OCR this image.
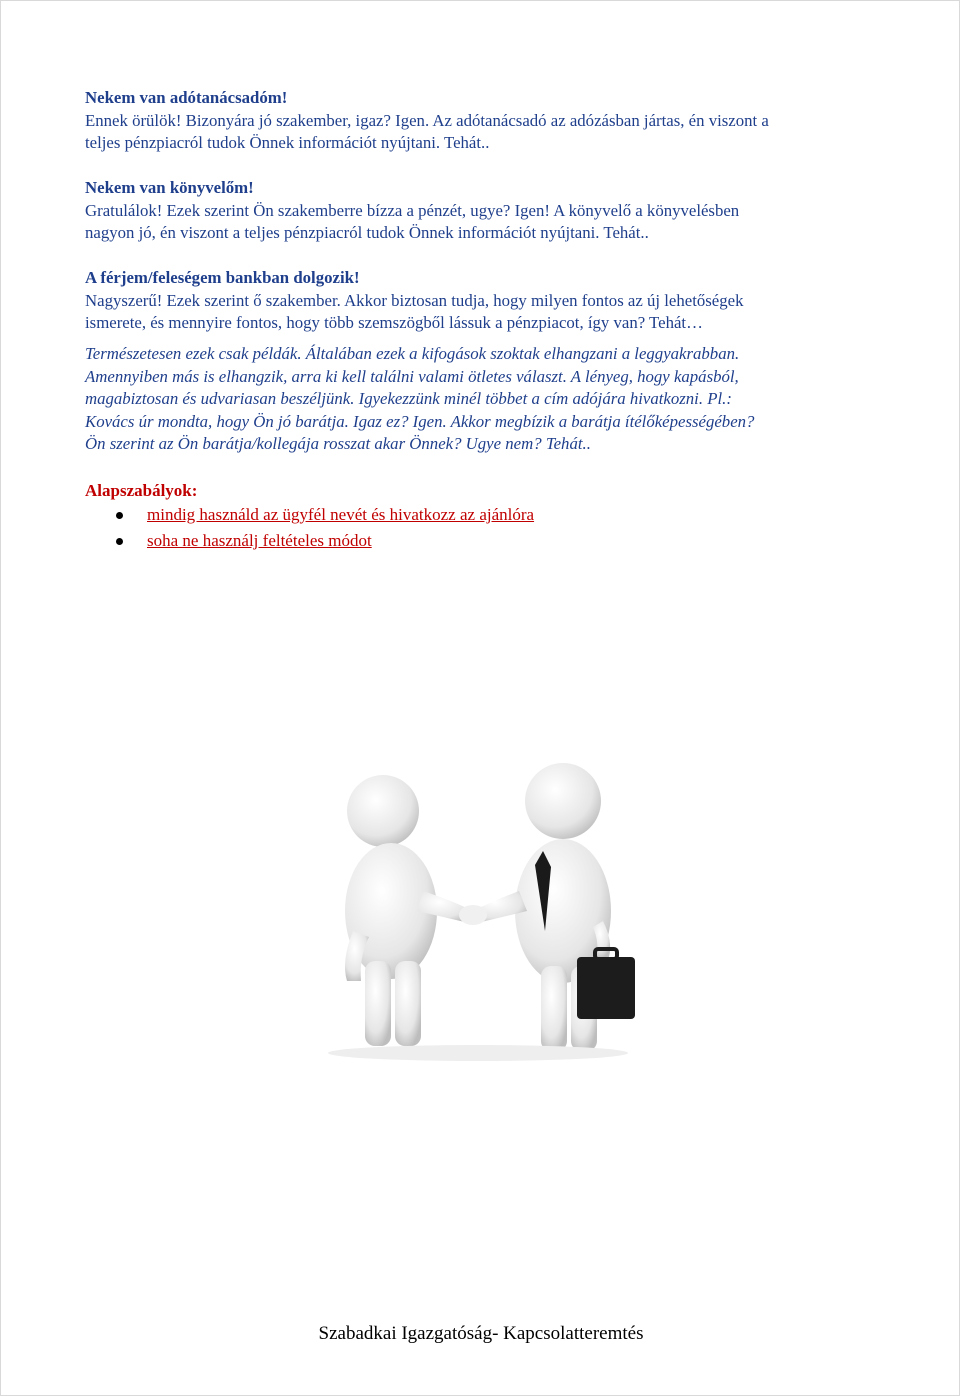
Nekem van adótanácsadóm!

Ennek örülök! Bizonyára jó szakember, igaz? Igen. Az adótanácsadó az adózásban jártas, én viszont a

teljes pénzpiacról tudok Önnek információt nyújtani. Tehát..

Nekem van könyvelőm!

Gratulálok! Ezek szerint Ön szakemberre bízza a pénzét, ugye? Igen! A könyvelő a könyvelésben

nagyon jó, én viszont a teljes pénzpiacról tudok Önnek információt nyújtani. Tehát..

A férjem/feleségem bankban dolgozik!

Nagyszerű! Ezek szerint ő szakember. Akkor biztosan tudja, hogy milyen fontos az új lehetőségek

ismerete, és mennyire fontos, hogy több szemszögből lássuk a pénzpiacot, így van? Tehát…

Természetesen ezek csak példák. Általában ezek a kifogások szoktak elhangzani a leggyakrabban.

Amennyiben más is elhangzik, arra ki kell találni valami ötletes választ. A lényeg, hogy kapásból,

magabiztosan és udvariasan beszéljünk. Igyekezzünk minél többet a cím adójára hivatkozni. Pl.:

Kovács úr mondta, hogy Ön jó barátja. Igaz ez? Igen. Akkor megbízik a barátja ítélőképességében?

Ön szerint az Ön barátja/kollegája rosszat akar Önnek? Ugye nem? Tehát..

Alapszabályok:
mindig használd az ügyfél nevét és hivatkozz az ajánlóra
soha ne használj feltételes módot
Szabadkai Igazgatóság- Kapcsolatteremtés
